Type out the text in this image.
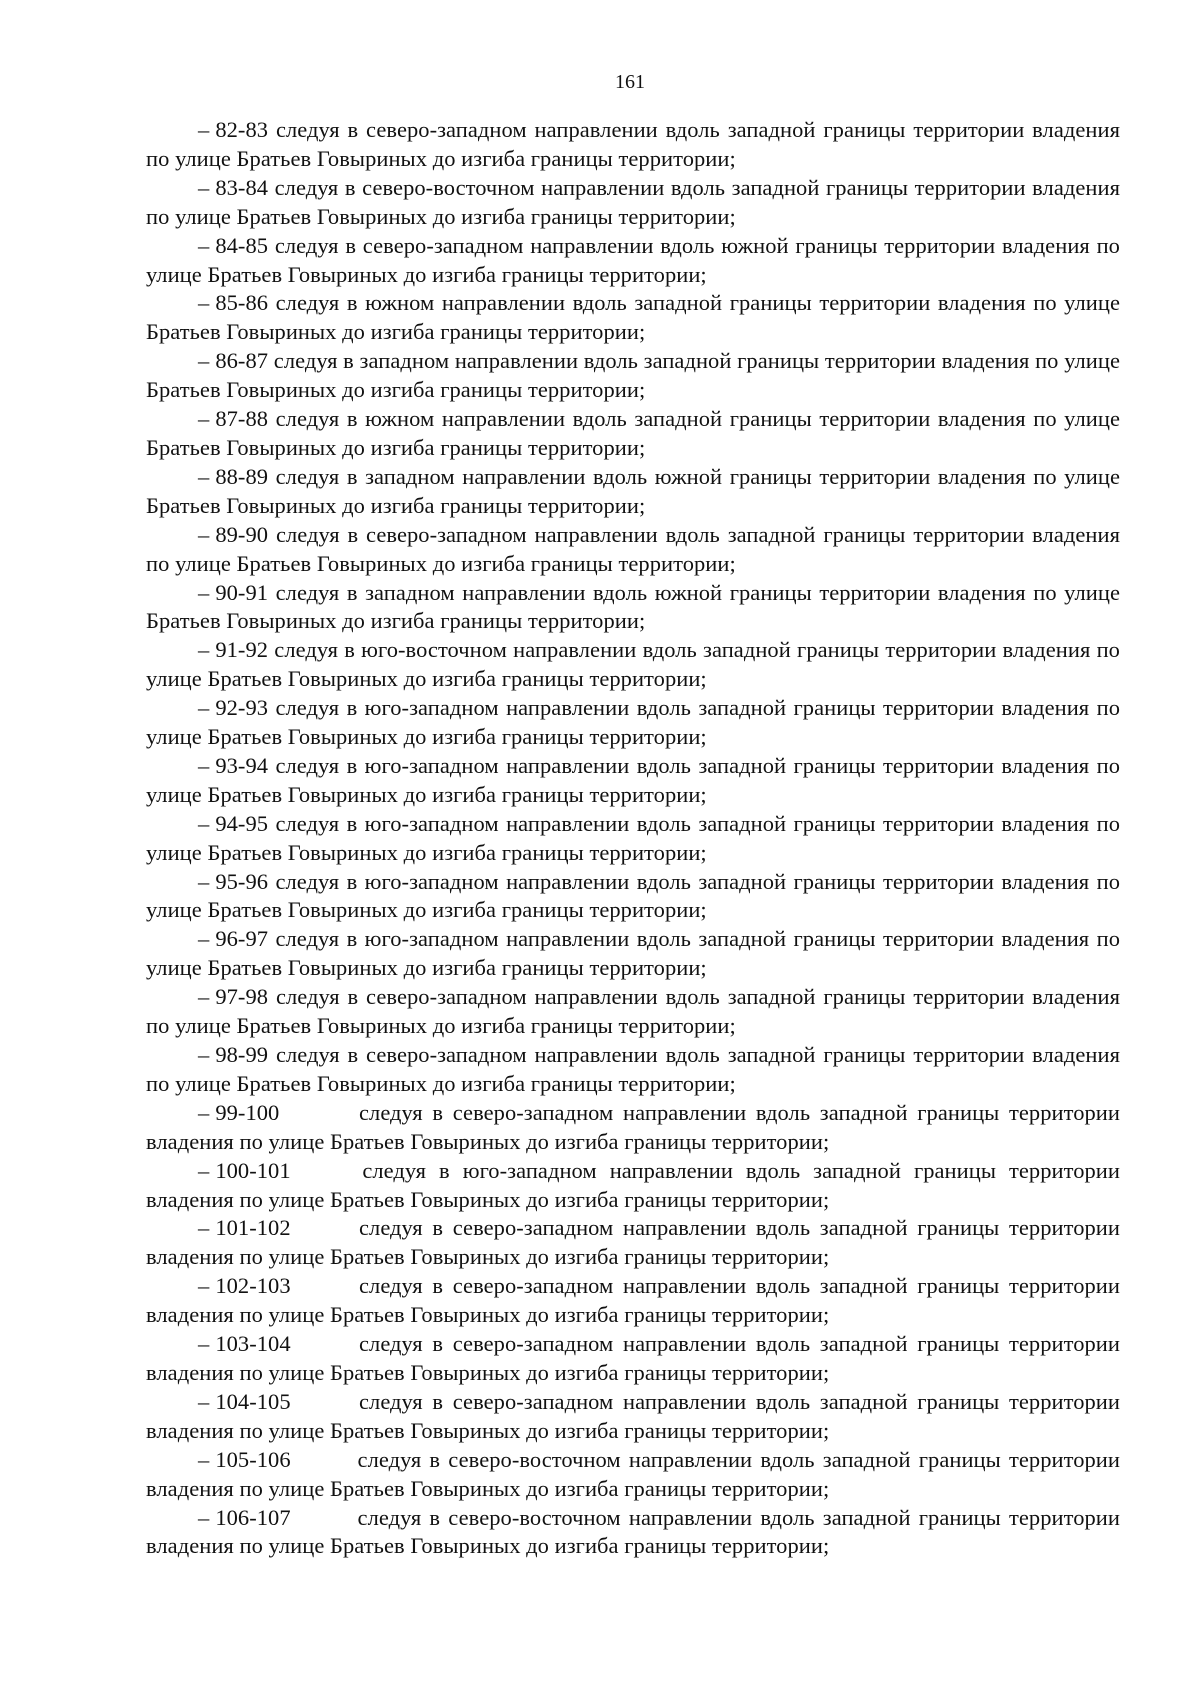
161

– 82-83 следуя в северо-западном направлении вдоль западной границы территории владения по улице Братьев Говыриных до изгиба границы территории;

– 83-84 следуя в северо-восточном направлении вдоль западной границы территории владения по улице Братьев Говыриных до изгиба границы территории;

– 84-85 следуя в северо-западном направлении вдоль южной границы территории владения по улице Братьев Говыриных до изгиба границы территории;

– 85-86 следуя в южном направлении вдоль западной границы территории владения по улице Братьев Говыриных до изгиба границы территории;

– 86-87 следуя в западном направлении вдоль западной границы территории владения по улице Братьев Говыриных до изгиба границы территории;

– 87-88 следуя в южном направлении вдоль западной границы территории владения по улице Братьев Говыриных до изгиба границы территории;

– 88-89 следуя в западном направлении вдоль южной границы территории владения по улице Братьев Говыриных до изгиба границы территории;

– 89-90 следуя в северо-западном направлении вдоль западной границы территории владения по улице Братьев Говыриных до изгиба границы территории;

– 90-91 следуя в западном направлении вдоль южной границы территории владения по улице Братьев Говыриных до изгиба границы территории;

– 91-92 следуя в юго-восточном направлении вдоль западной границы территории владения по улице Братьев Говыриных до изгиба границы территории;

– 92-93 следуя в юго-западном направлении вдоль западной границы территории владения по улице Братьев Говыриных до изгиба границы территории;

– 93-94 следуя в юго-западном направлении вдоль западной границы территории владения по улице Братьев Говыриных до изгиба границы территории;

– 94-95 следуя в юго-западном направлении вдоль западной границы территории владения по улице Братьев Говыриных до изгиба границы территории;

– 95-96 следуя в юго-западном направлении вдоль западной границы территории владения по улице Братьев Говыриных до изгиба границы территории;

– 96-97 следуя в юго-западном направлении вдоль западной границы территории владения по улице Братьев Говыриных до изгиба границы территории;

– 97-98 следуя в северо-западном направлении вдоль западной границы территории владения по улице Братьев Говыриных до изгиба границы территории;

– 98-99 следуя в северо-западном направлении вдоль западной границы территории владения по улице Братьев Говыриных до изгиба границы территории;

– 99-100	следуя в северо-западном направлении вдоль западной границы территории владения по улице Братьев Говыриных до изгиба границы территории;

– 100-101	следуя в юго-западном направлении вдоль западной границы территории владения по улице Братьев Говыриных до изгиба границы территории;

– 101-102	следуя в северо-западном направлении вдоль западной границы территории владения по улице Братьев Говыриных до изгиба границы территории;

– 102-103	следуя в северо-западном направлении вдоль западной границы территории владения по улице Братьев Говыриных до изгиба границы территории;

– 103-104	следуя в северо-западном направлении вдоль западной границы территории владения по улице Братьев Говыриных до изгиба границы территории;

– 104-105	следуя в северо-западном направлении вдоль западной границы территории владения по улице Братьев Говыриных до изгиба границы территории;

– 105-106	следуя в северо-восточном направлении вдоль западной границы территории владения по улице Братьев Говыриных до изгиба границы территории;

– 106-107	следуя в северо-восточном направлении вдоль западной границы территории владения по улице Братьев Говыриных до изгиба границы территории;
